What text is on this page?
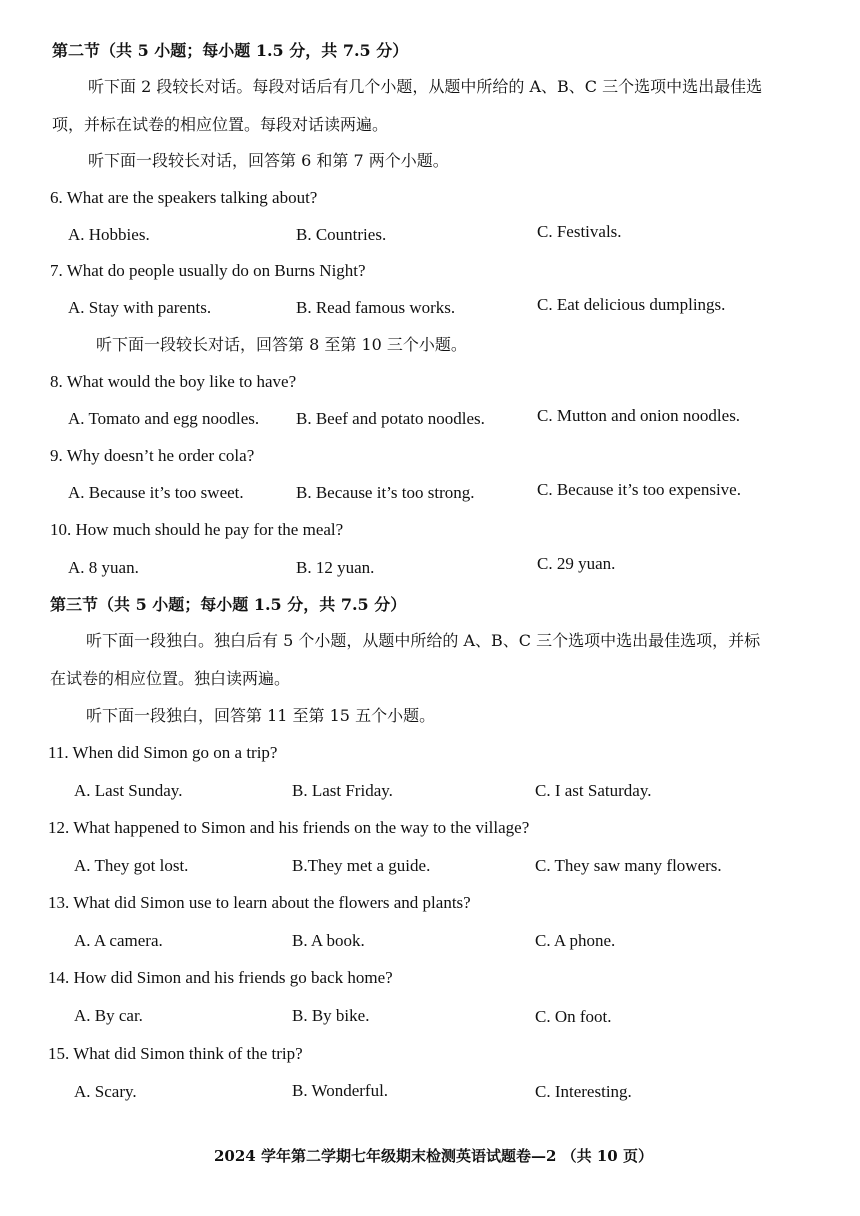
第二节（共 5 小题；每小题 1.5 分，共 7.5 分）
听下面 2 段较长对话。每段对话后有几个小题，从题中所给的 A、B、C 三个选项中选出最佳选
项，并标在试卷的相应位置。每段对话读两遍。
听下面一段较长对话，回答第 6 和第 7 两个小题。
6. What are the speakers talking about?
A. Hobbies.	B. Countries.	C. Festivals.
7. What do people usually do on Burns Night?
A. Stay with parents.	B. Read famous works.	C. Eat delicious dumplings.
听下面一段较长对话，回答第 8 至第 10 三个小题。
8. What would the boy like to have?
A. Tomato and egg noodles. B. Beef and potato noodles.	C. Mutton and onion noodles.
9. Why doesn’t he order cola?
A. Because it’s too sweet.	B. Because it’s too strong.	C. Because it’s too expensive.
10. How much should he pay for the meal?
A. 8 yuan.	B. 12 yuan.	C. 29 yuan.
第三节（共 5 小题；每小题 1.5 分，共 7.5 分）
听下面一段独白。独白后有 5 个小题，从题中所给的 A、B、C 三个选项中选出最佳选项，并标
在试卷的相应位置。独白读两遍。
听下面一段独白，回答第 11 至第 15 五个小题。
11. When did Simon go on a trip?
A. Last Sunday.	B. Last Friday.	C. I ast Saturday.
12. What happened to Simon and his friends on the way to the village?
A. They got lost.	B.They met a guide.	C. They saw many flowers.
13. What did Simon use to learn about the flowers and plants?
A. A camera.	B. A book.	C. A phone.
14. How did Simon and his friends go back home?
A. By car.	B. By bike.	C. On foot.
15. What did Simon think of the trip?
A. Scary.	B. Wonderful.	C. Interesting.
2024 学年第二学期七年级期末检测英语试题卷—2 （共 10 页）
